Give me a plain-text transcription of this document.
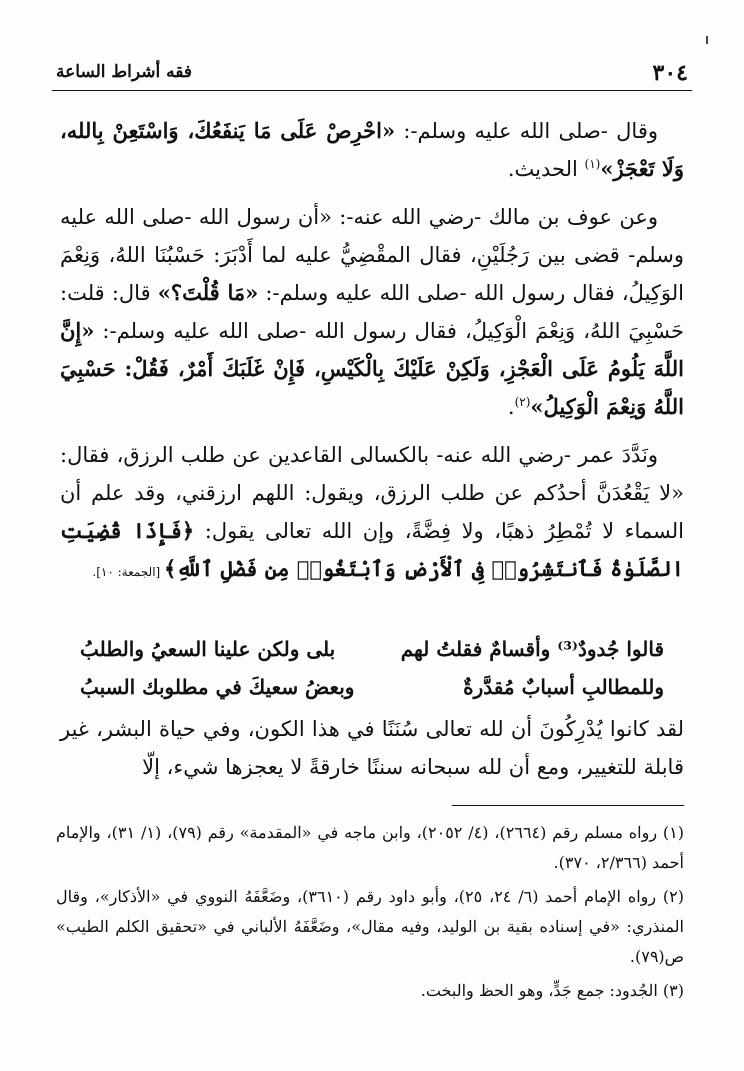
٣٠٤
فقه أشراط الساعة

وقال -صلى الله عليه وسلم-: «احْرِصْ عَلَى مَا يَنفَعُكَ، وَاسْتَعِنْ بِالله، وَلَا تَعْجَزْ»$^{(١)}$ الحديث.

وعن عوف بن مالك -رضي الله عنه-: «أن رسول الله -صلى الله عليه وسلم- قضى بين رَجُلَيْنِ، فقال المقْضِيُّ عليه لما أَدْبَرَ: حَسْبُنَا اللهُ، وَنِعْمَ الوَكِيلُ، فقال رسول الله -صلى الله عليه وسلم-: «مَا قُلْتَ؟» قال: قلت: حَسْبِيَ اللهُ، وَنِعْمَ الْوَكِيلُ، فقال رسول الله -صلى الله عليه وسلم-: «إِنَّ اللَّهَ يَلُومُ عَلَى الْعَجْزِ، وَلَكِنْ عَلَيْكَ بِالْكَيْسِ، فَإِنْ غَلَبَكَ أَمْرٌ، فَقُلْ: حَسْبِيَ اللَّهُ وَنِعْمَ الْوَكِيلُ»$^{(٢)}$.

ونَدَّدَ عمر -رضي الله عنه- بالكسالى القاعدين عن طلب الرزق، فقال: «لا يَقْعُدَنَّ أحدُكم عن طلب الرزق، ويقول: اللهم ارزقني، وقد علم أن السماء لا تُمْطِرُ ذهبًا، ولا فِضَّةً، وإن الله تعالى يقول: ﴿فَإِذَا قُضِيَتِ الصَّلَوٰةُ فَٱنتَشِرُوا۟ فِى ٱلْأَرْضِ وَٱبْتَغُوا۟ مِن فَضْلِ ٱللَّهِ﴾ [الجمعة: ١٠].

قالوا جُدودٌ⁽³⁾ وأقسامٌ فقلتُ لهم
بلى ولكن علينا السعيُ والطلبُ
وللمطالبِ أسبابٌ مُقدَّرةٌ
وبعضُ سعيكَ في مطلوبك السببُ
لقد كانوا يُدْرِكُونَ أن لله تعالى سُنَنًا في هذا الكون، وفي حياة البشر، غير قابلة للتغيير، ومع أن لله سبحانه سننًا خارقةً لا يعجزها شيء، إلّا

(١) رواه مسلم رقم (٢٦٦٤)، (٤/ ٢٠٥٢)، وابن ماجه في «المقدمة» رقم (٧٩)، (١/ ٣١)، والإمام أحمد (٢/٣٦٦، ٣٧٠).

(٢) رواه الإمام أحمد (٦/ ٢٤، ٢٥)، وأبو داود رقم (٣٦١٠)، وضَعَّفَهُ النووي في «الأذكار»، وقال المنذري: «في إسناده بقية بن الوليد، وفيه مقال»، وضَعَّفَهُ الألباني في «تحقيق الكلم الطيب» ص(٧٩).

(٣) الجُدود: جمع جَدٍّ، وهو الحظ والبخت.
